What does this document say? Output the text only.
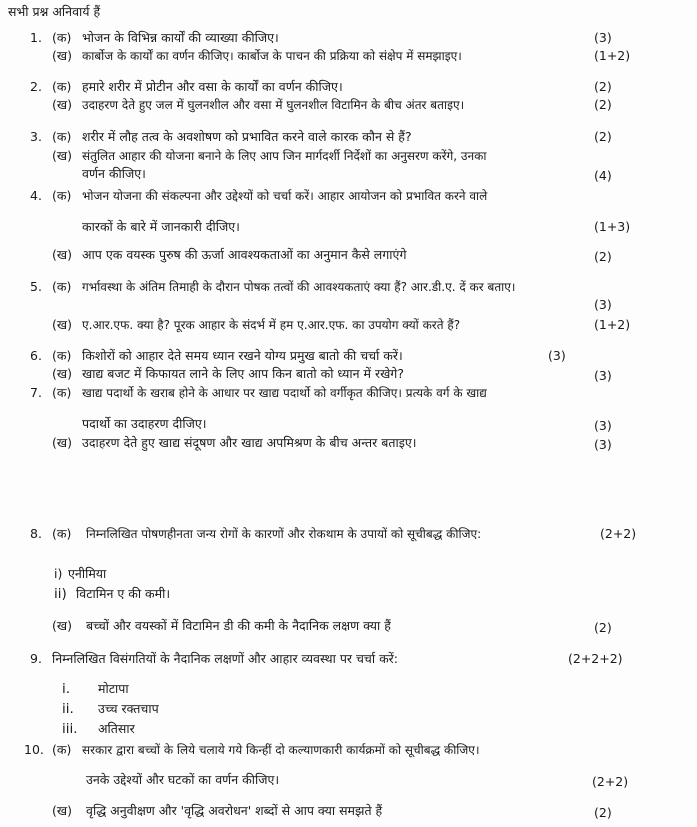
सभी प्रश्न अनिवार्य हैं
1. (क) भोजन के विभिन्न कार्यों की व्याख्या कीजिए।	(3)
(ख) कार्बोज के कार्यों का वर्णन कीजिए। कार्बोज के पाचन की प्रक्रिया को संक्षेप में समझाइए।	(1+2)
2. (क) हमारे शरीर में प्रोटीन और वसा के कार्यों का वर्णन कीजिए।	(2)
(ख) उदाहरण देते हुए जल में घुलनशील और वसा में घुलनशील विटामिन के बीच अंतर बताइए।	(2)
3. (क) शरीर में लौह तत्व के अवशोषण को प्रभावित करने वाले कारक कौन से हैं?	(2)
(ख) संतुलित आहार की योजना बनाने के लिए आप जिन मार्गदर्शी निर्देशों का अनुसरण करेंगे, उनका
वर्णन कीजिए।	(4)
4. (क) भोजन योजना की संकल्पना और उद्देश्यों को चर्चा करें। आहार आयोजन को प्रभावित करने वाले
कारकों के बारे में जानकारी दीजिए।	(1+3)
(ख) आप एक वयस्क पुरुष की ऊर्जा आवश्यकताओं का अनुमान कैसे लगाएंगे	(2)
5. (क) गर्भावस्था के अंतिम तिमाही के दौरान पोषक तत्वों की आवश्यकताएं क्या हैं? आर.डी.ए. दें कर बताए।
(3)
(ख) ए.आर.एफ. क्या है? पूरक आहार के संदर्भ में हम ए.आर.एफ. का उपयोग क्यों करते हैं?	(1+2)
6. (क) किशोरों को आहार देते समय ध्यान रखने योग्य प्रमुख बातो की चर्चा करें।	(3)
(ख) खाद्य बजट में किफायत लाने के लिए आप किन बातो को ध्यान में रखेगे?	(3)
7. (क) खाद्य पदार्थो के खराब होने के आधार पर खाद्य पदार्थो को वर्गीकृत कीजिए। प्रत्यके वर्ग के खाद्य
पदार्थो का उदाहरण दीजिए।	(3)
(ख) उदाहरण देते हुए खाद्य संदूषण और खाद्य अपमिश्रण के बीच अन्तर बताइए।	(3)
8. (क) निम्नलिखित पोषणहीनता जन्य रोगों के कारणों और रोकथाम के उपायों को सूचीबद्ध कीजिए:	(2+2)
i) एनीमिया
ii) विटामिन ए की कमी।
(ख) बच्चों और वयस्कों में विटामिन डी की कमी के नैदानिक लक्षण क्या हैं	(2)
9. निम्नलिखित विसंगतियों के नैदानिक लक्षणों और आहार व्यवस्था पर चर्चा करें:	(2+2+2)
i. मोटापा
ii. उच्च रक्तचाप
iii. अतिसार
10. (क) सरकार द्वारा बच्चों के लिये चलाये गये किन्हीं दो कल्याणकारी कार्यक्रमों को सूचीबद्ध कीजिए।
उनके उद्देश्यों और घटकों का वर्णन कीजिए।	(2+2)
(ख) वृद्धि अनुवीक्षण और 'वृद्धि अवरोधन' शब्दों से आप क्या समझते हैं	(2)
